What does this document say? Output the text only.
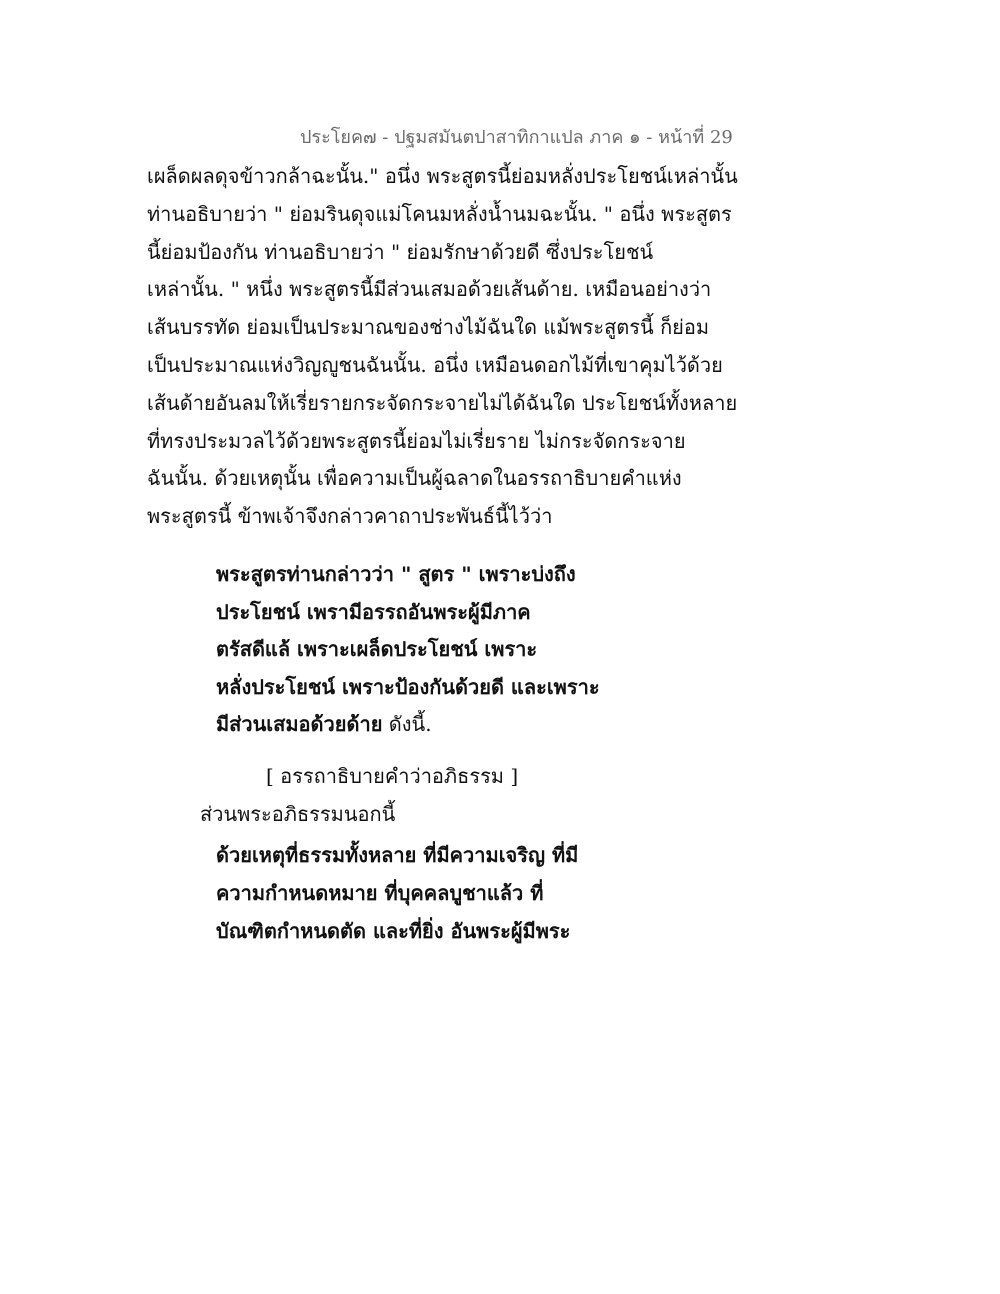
ประโยค๗ - ปฐมสมันตปาสาทิกาแปล ภาค ๑ - หน้าที่ 29
เผล็ดผลดุจข้าวกล้าฉะนั้น." อนึ่ง พระสูตรนี้ย่อมหลั่งประโยชน์เหล่านั้น
ท่านอธิบายว่า " ย่อมรินดุจแม่โคนมหลั่งน้ำนมฉะนั้น. " อนึ่ง พระสูตร
นี้ย่อมป้องกัน ท่านอธิบายว่า " ย่อมรักษาด้วยดี ซึ่งประโยชน์
เหล่านั้น. " หนึ่ง พระสูตรนี้มีส่วนเสมอด้วยเส้นด้าย. เหมือนอย่างว่า
เส้นบรรทัด ย่อมเป็นประมาณของช่างไม้ฉันใด แม้พระสูตรนี้ ก็ย่อม
เป็นประมาณแห่งวิญญูชนฉันนั้น. อนึ่ง เหมือนดอกไม้ที่เขาคุมไว้ด้วย
เส้นด้ายอันลมให้เรี่ยรายกระจัดกระจายไม่ได้ฉันใด ประโยชน์ทั้งหลาย
ที่ทรงประมวลไว้ด้วยพระสูตรนี้ย่อมไม่เรี่ยราย ไม่กระจัดกระจาย
ฉันนั้น. ด้วยเหตุนั้น เพื่อความเป็นผู้ฉลาดในอรรถาธิบายคำแห่ง
พระสูตรนี้ ข้าพเจ้าจึงกล่าวคาถาประพันธ์นี้ไว้ว่า
พระสูตรท่านกล่าวว่า " สูตร " เพราะบ่งถึง
ประโยชน์ เพรามีอรรถอันพระผู้มีภาค
ตรัสดีแล้ เพราะเผล็ดประโยชน์ เพราะ
หลั่งประโยชน์ เพราะป้องกันด้วยดี และเพราะ
มีส่วนเสมอด้วยด้าย ดังนี้.
[ อรรถาธิบายคำว่าอภิธรรม ]
ส่วนพระอภิธรรมนอกนี้
ด้วยเหตุที่ธรรมทั้งหลาย ที่มีความเจริญ ที่มี
ความกำหนดหมาย ที่บุคคลบูชาแล้ว ที่
บัณฑิตกำหนดตัด และที่ยิ่ง อันพระผู้มีพระ
